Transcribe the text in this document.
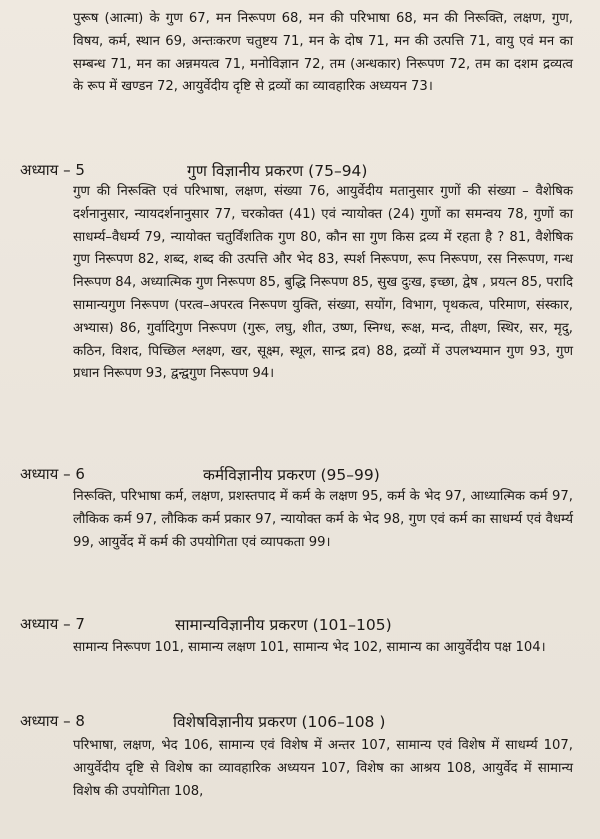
पुरूष (आत्मा) के गुण 67, मन निरूपण 68, मन की परिभाषा 68, मन की निरूक्ति, लक्षण, गुण, विषय, कर्म, स्थान 69, अन्तःकरण चतुष्टय 71, मन के दोष 71, मन की उत्पत्ति 71, वायु एवं मन का सम्बन्ध 71, मन का अन्नमयत्व 71, मनोविज्ञान 72, तम (अन्धकार) निरूपण 72, तम का दशम द्रव्यत्व के रूप में खण्डन 72, आयुर्वेदीय दृष्टि से द्रव्यों का व्यावहारिक अध्ययन 73।

अध्याय – 5	गुण विज्ञानीय प्रकरण (75–94)

गुण की निरूक्ति एवं परिभाषा, लक्षण, संख्या 76, आयुर्वेदीय मतानुसार गुणों की संख्या – वैशेषिक दर्शनानुसार, न्यायदर्शनानुसार 77, चरकोक्त (41) एवं न्यायोक्त (24) गुणों का समन्वय 78, गुणों का साधर्म्य–वैधर्म्य 79, न्यायोक्त चतुर्विंशतिक गुण 80, कौन सा गुण किस द्रव्य में रहता है ? 81, वैशेषिक गुण निरूपण 82, शब्द, शब्द की उत्पत्ति और भेद 83, स्पर्श निरूपण, रूप निरूपण, रस निरूपण, गन्ध निरूपण 84, अध्यात्मिक गुण निरूपण 85, बुद्धि निरूपण 85, सुख दुःख, इच्छा, द्वेष , प्रयत्न 85, परादि सामान्यगुण निरूपण (परत्व–अपरत्व निरूपण युक्ति, संख्या, सयोंग, विभाग, पृथकत्व, परिमाण, संस्कार, अभ्यास) 86, गुर्वादिगुण निरूपण (गुरू, लघु, शीत, उष्ण, स्निग्ध, रूक्ष, मन्द, तीक्ष्ण, स्थिर, सर, मृदु, कठिन, विशद, पिच्छिल श्लक्ष्ण, खर, सूक्ष्म, स्थूल, सान्द्र द्रव) 88, द्रव्यों में उपलभ्यमान गुण 93, गुण प्रधान निरूपण 93, द्वन्द्वगुण निरूपण 94।

अध्याय – 6	कर्मविज्ञानीय प्रकरण (95–99)

निरूक्ति, परिभाषा कर्म, लक्षण, प्रशस्तपाद में कर्म के लक्षण 95, कर्म के भेद 97, आध्यात्मिक कर्म 97, लौकिक कर्म 97, लौकिक कर्म प्रकार 97, न्यायोक्त कर्म के भेद 98, गुण एवं कर्म का साधर्म्य एवं वैधर्म्य 99, आयुर्वेद में कर्म की उपयोगिता एवं व्यापकता 99।

अध्याय – 7	सामान्यविज्ञानीय प्रकरण (101–105)

सामान्य निरूपण 101, सामान्य लक्षण 101, सामान्य भेद 102, सामान्य का आयुर्वेदीय पक्ष 104।

अध्याय – 8	विशेषविज्ञानीय प्रकरण (106–108 )

परिभाषा, लक्षण, भेद 106, सामान्य एवं विशेष में अन्तर 107, सामान्य एवं विशेष में साधर्म्य 107, आयुर्वेदीय दृष्टि से विशेष का व्यावहारिक अध्ययन 107, विशेष का आश्रय 108, आयुर्वेद में सामान्य विशेष की उपयोगिता 108,
